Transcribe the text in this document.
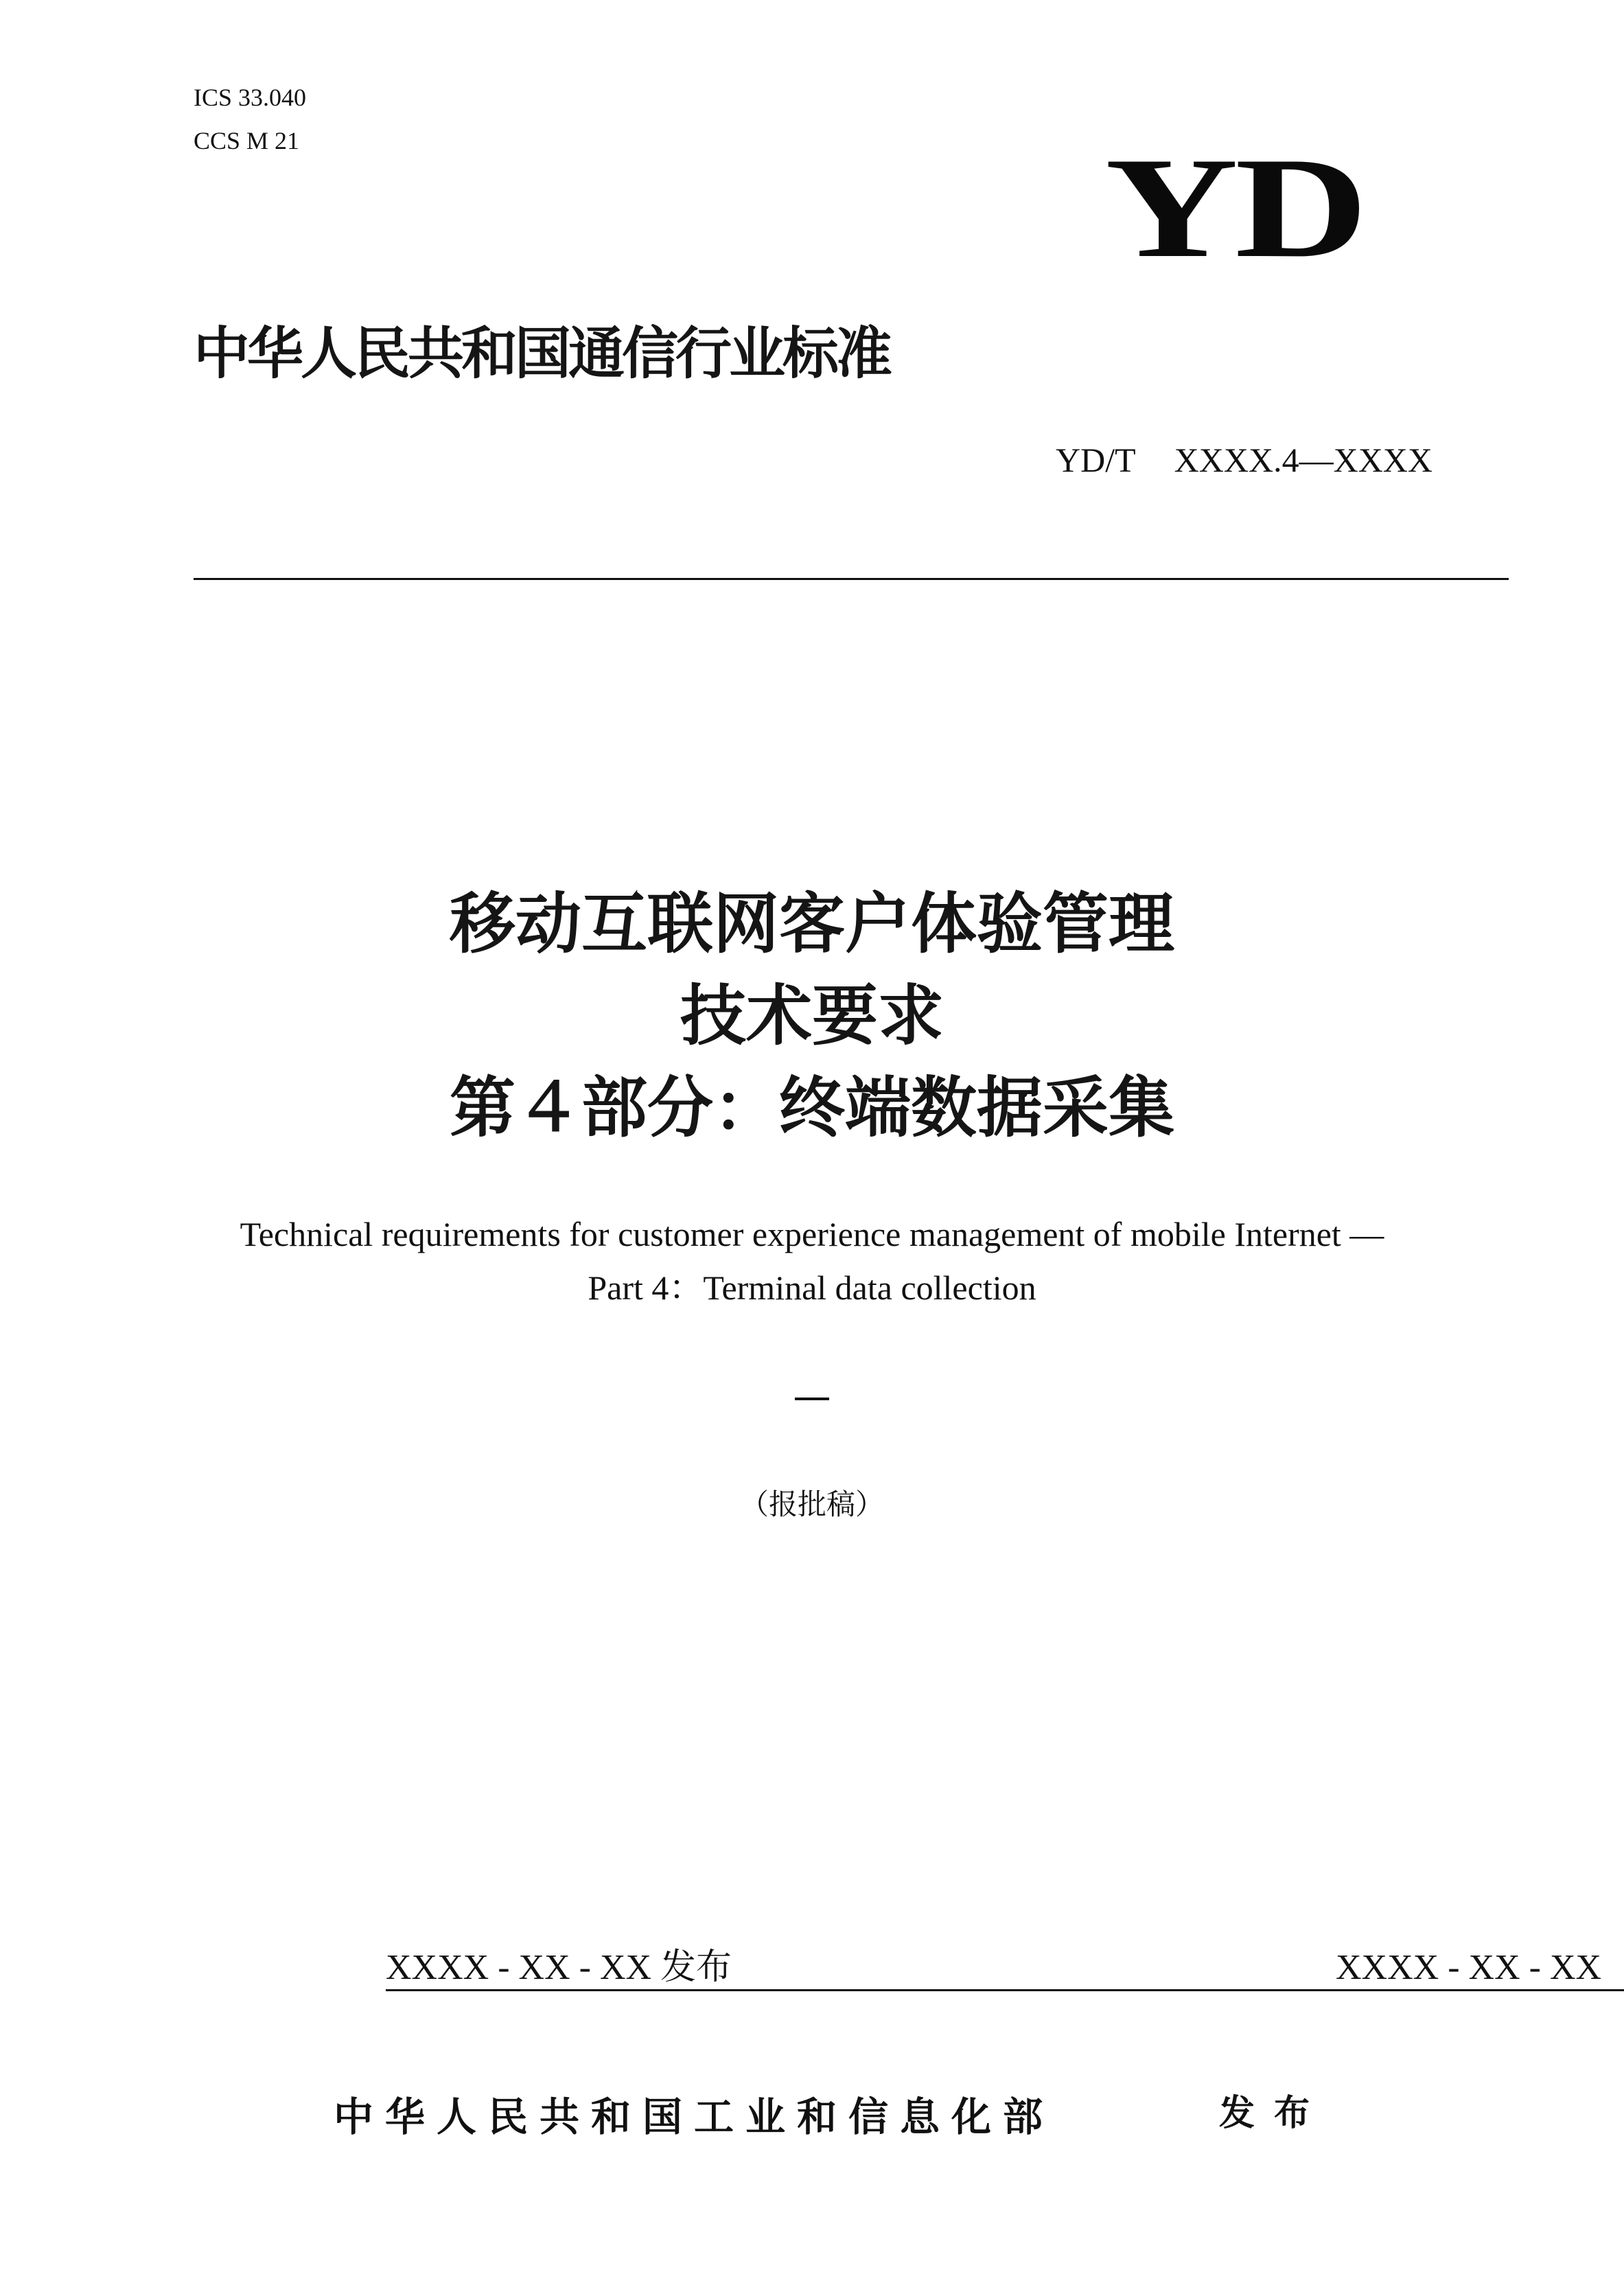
ICS 33.040

CCS M 21	YD
中华人民共和国通信行业标准

YD/T XXXX.4—XXXX

移动互联网客户体验管理
技术要求
第４部分：终端数据采集

Technical requirements for customer experience management of mobile Internet —

Part 4：Terminal data collection

（报批稿）

XXXX - XX - XX 发布	XXXX - XX - XX

中华人民共和国工业和信息化部	发布
